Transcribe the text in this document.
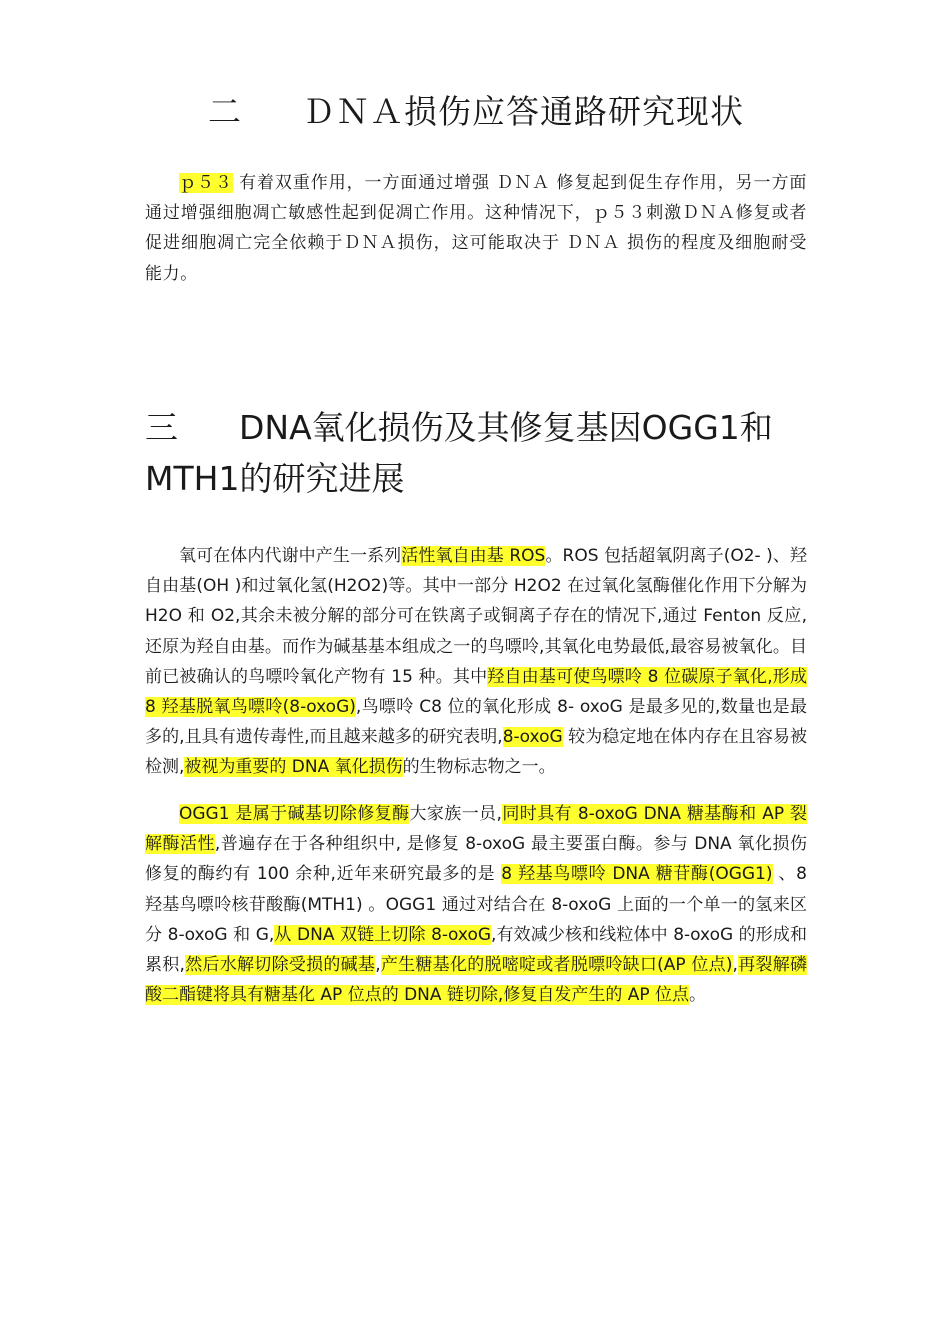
二 ＤＮＡ损伤应答通路研究现状

ｐ５３ 有着双重作用，一方面通过增强 ＤＮＡ 修复起到促生存作用，另一方面通过增强细胞凋亡敏感性起到促凋亡作用。这种情况下，ｐ５３刺激ＤＮＡ修复或者促进细胞凋亡完全依赖于ＤＮＡ损伤，这可能取决于 ＤＮＡ 损伤的程度及细胞耐受能力。

三 DNA氧化损伤及其修复基因OGG1和MTH1的研究进展

氧可在体内代谢中产生一系列活性氧自由基 ROS。ROS 包括超氧阴离子(O2- )、羟自由基(OH )和过氧化氢(H2O2)等。其中一部分 H2O2 在过氧化氢酶催化作用下分解为 H2O 和 O2,其余未被分解的部分可在铁离子或铜离子存在的情况下,通过 Fenton 反应,还原为羟自由基。而作为碱基基本组成之一的鸟嘌呤,其氧化电势最低,最容易被氧化。目前已被确认的鸟嘌呤氧化产物有 15 种。其中羟自由基可使鸟嘌呤 8 位碳原子氧化,形成 8 羟基脱氧鸟嘌呤(8-oxoG),鸟嘌呤 C8 位的氧化形成 8- oxoG 是最多见的,数量也是最多的,且具有遗传毒性,而且越来越多的研究表明,8-oxoG 较为稳定地在体内存在且容易被检测,被视为重要的 DNA 氧化损伤的生物标志物之一。

OGG1 是属于碱基切除修复酶大家族一员,同时具有 8-oxoG DNA 糖基酶和 AP 裂解酶活性,普遍存在于各种组织中, 是修复 8-oxoG 最主要蛋白酶。参与 DNA 氧化损伤修复的酶约有 100 余种,近年来研究最多的是 8 羟基鸟嘌呤 DNA 糖苷酶(OGG1) 、8 羟基鸟嘌呤核苷酸酶(MTH1) 。OGG1 通过对结合在 8-oxoG 上面的一个单一的氢来区分 8-oxoG 和 G,从 DNA 双链上切除 8-oxoG,有效减少核和线粒体中 8-oxoG 的形成和累积,然后水解切除受损的碱基,产生糖基化的脱嘧啶或者脱嘌呤缺口(AP 位点),再裂解磷酸二酯键将具有糖基化 AP 位点的 DNA 链切除,修复自发产生的 AP 位点。
